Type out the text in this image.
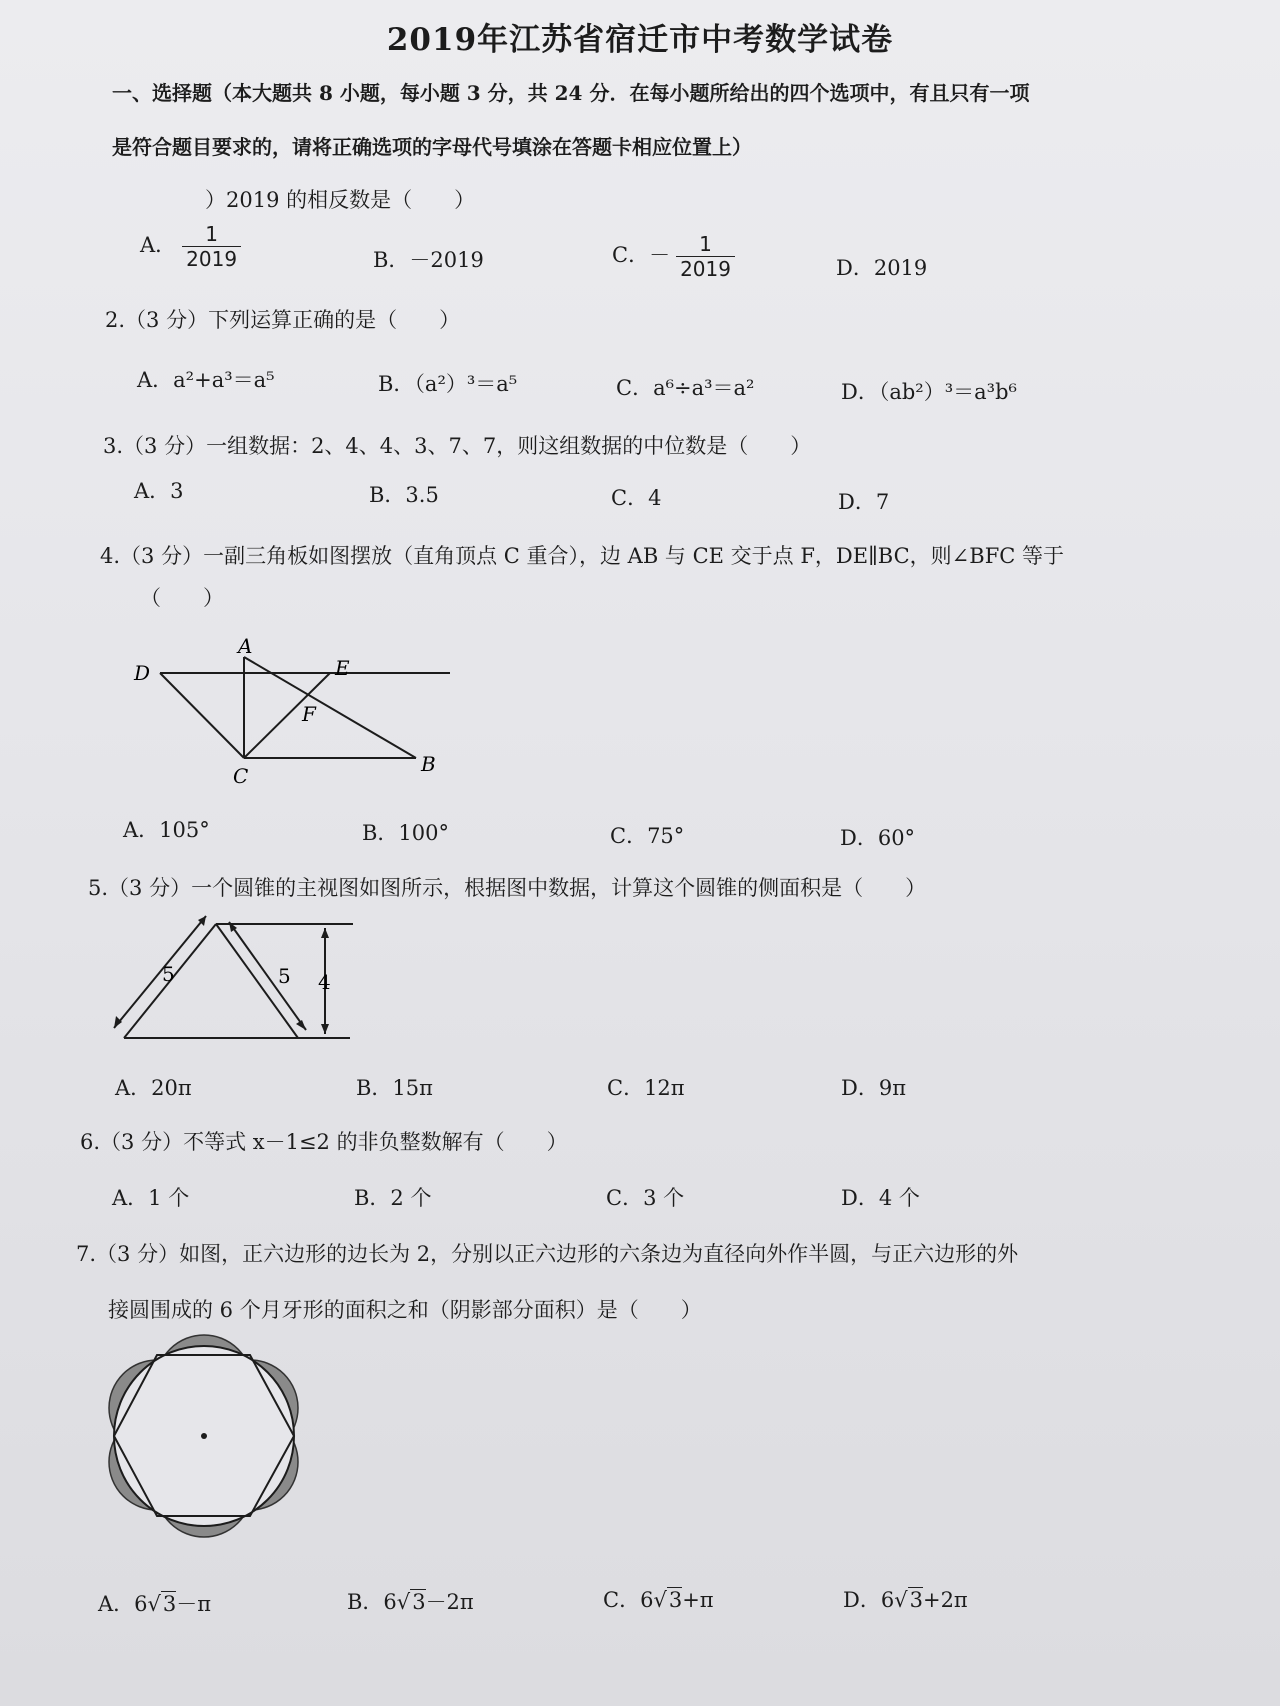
2019年江苏省宿迁市中考数学试卷
一、选择题（本大题共 8 小题，每小题 3 分，共 24 分．在每小题所给出的四个选项中，有且只有一项
是符合题目要求的，请将正确选项的字母代号填涂在答题卡相应位置上）
）2019 的相反数是（　　）
A． $\frac{1}{2019}$	B．－2019	C．－ $\frac{1}{2019}$	D．2019
2.（3 分）下列运算正确的是（　　）
A．a²+a³＝a⁵	B．（a²）³＝a⁵	C．a⁶÷a³＝a²	D．（ab²）³＝a³b⁶
3.（3 分）一组数据：2、4、4、3、7、7，则这组数据的中位数是（　　）
A．3	B．3.5	C．4	D．7
4.（3 分）一副三角板如图摆放（直角顶点 C 重合），边 AB 与 CE 交于点 F，DE∥BC，则∠BFC 等于
（　　）
A
D	E
F
C	B
A．105°	B．100°	C．75°	D．60°
5.（3 分）一个圆锥的主视图如图所示，根据图中数据，计算这个圆锥的侧面积是（　　）
5	5 4
A．20π	B．15π	C．12π	D．9π
6.（3 分）不等式 x－1≤2 的非负整数解有（　　）
A．1 个	B．2 个	C．3 个	D．4 个
7.（3 分）如图，正六边形的边长为 2，分别以正六边形的六条边为直径向外作半圆，与正六边形的外
接圆围成的 6 个月牙形的面积之和（阴影部分面积）是（　　）
A．6√3－π	B．6√3－2π	C．6√3+π	D．6√3+2π
